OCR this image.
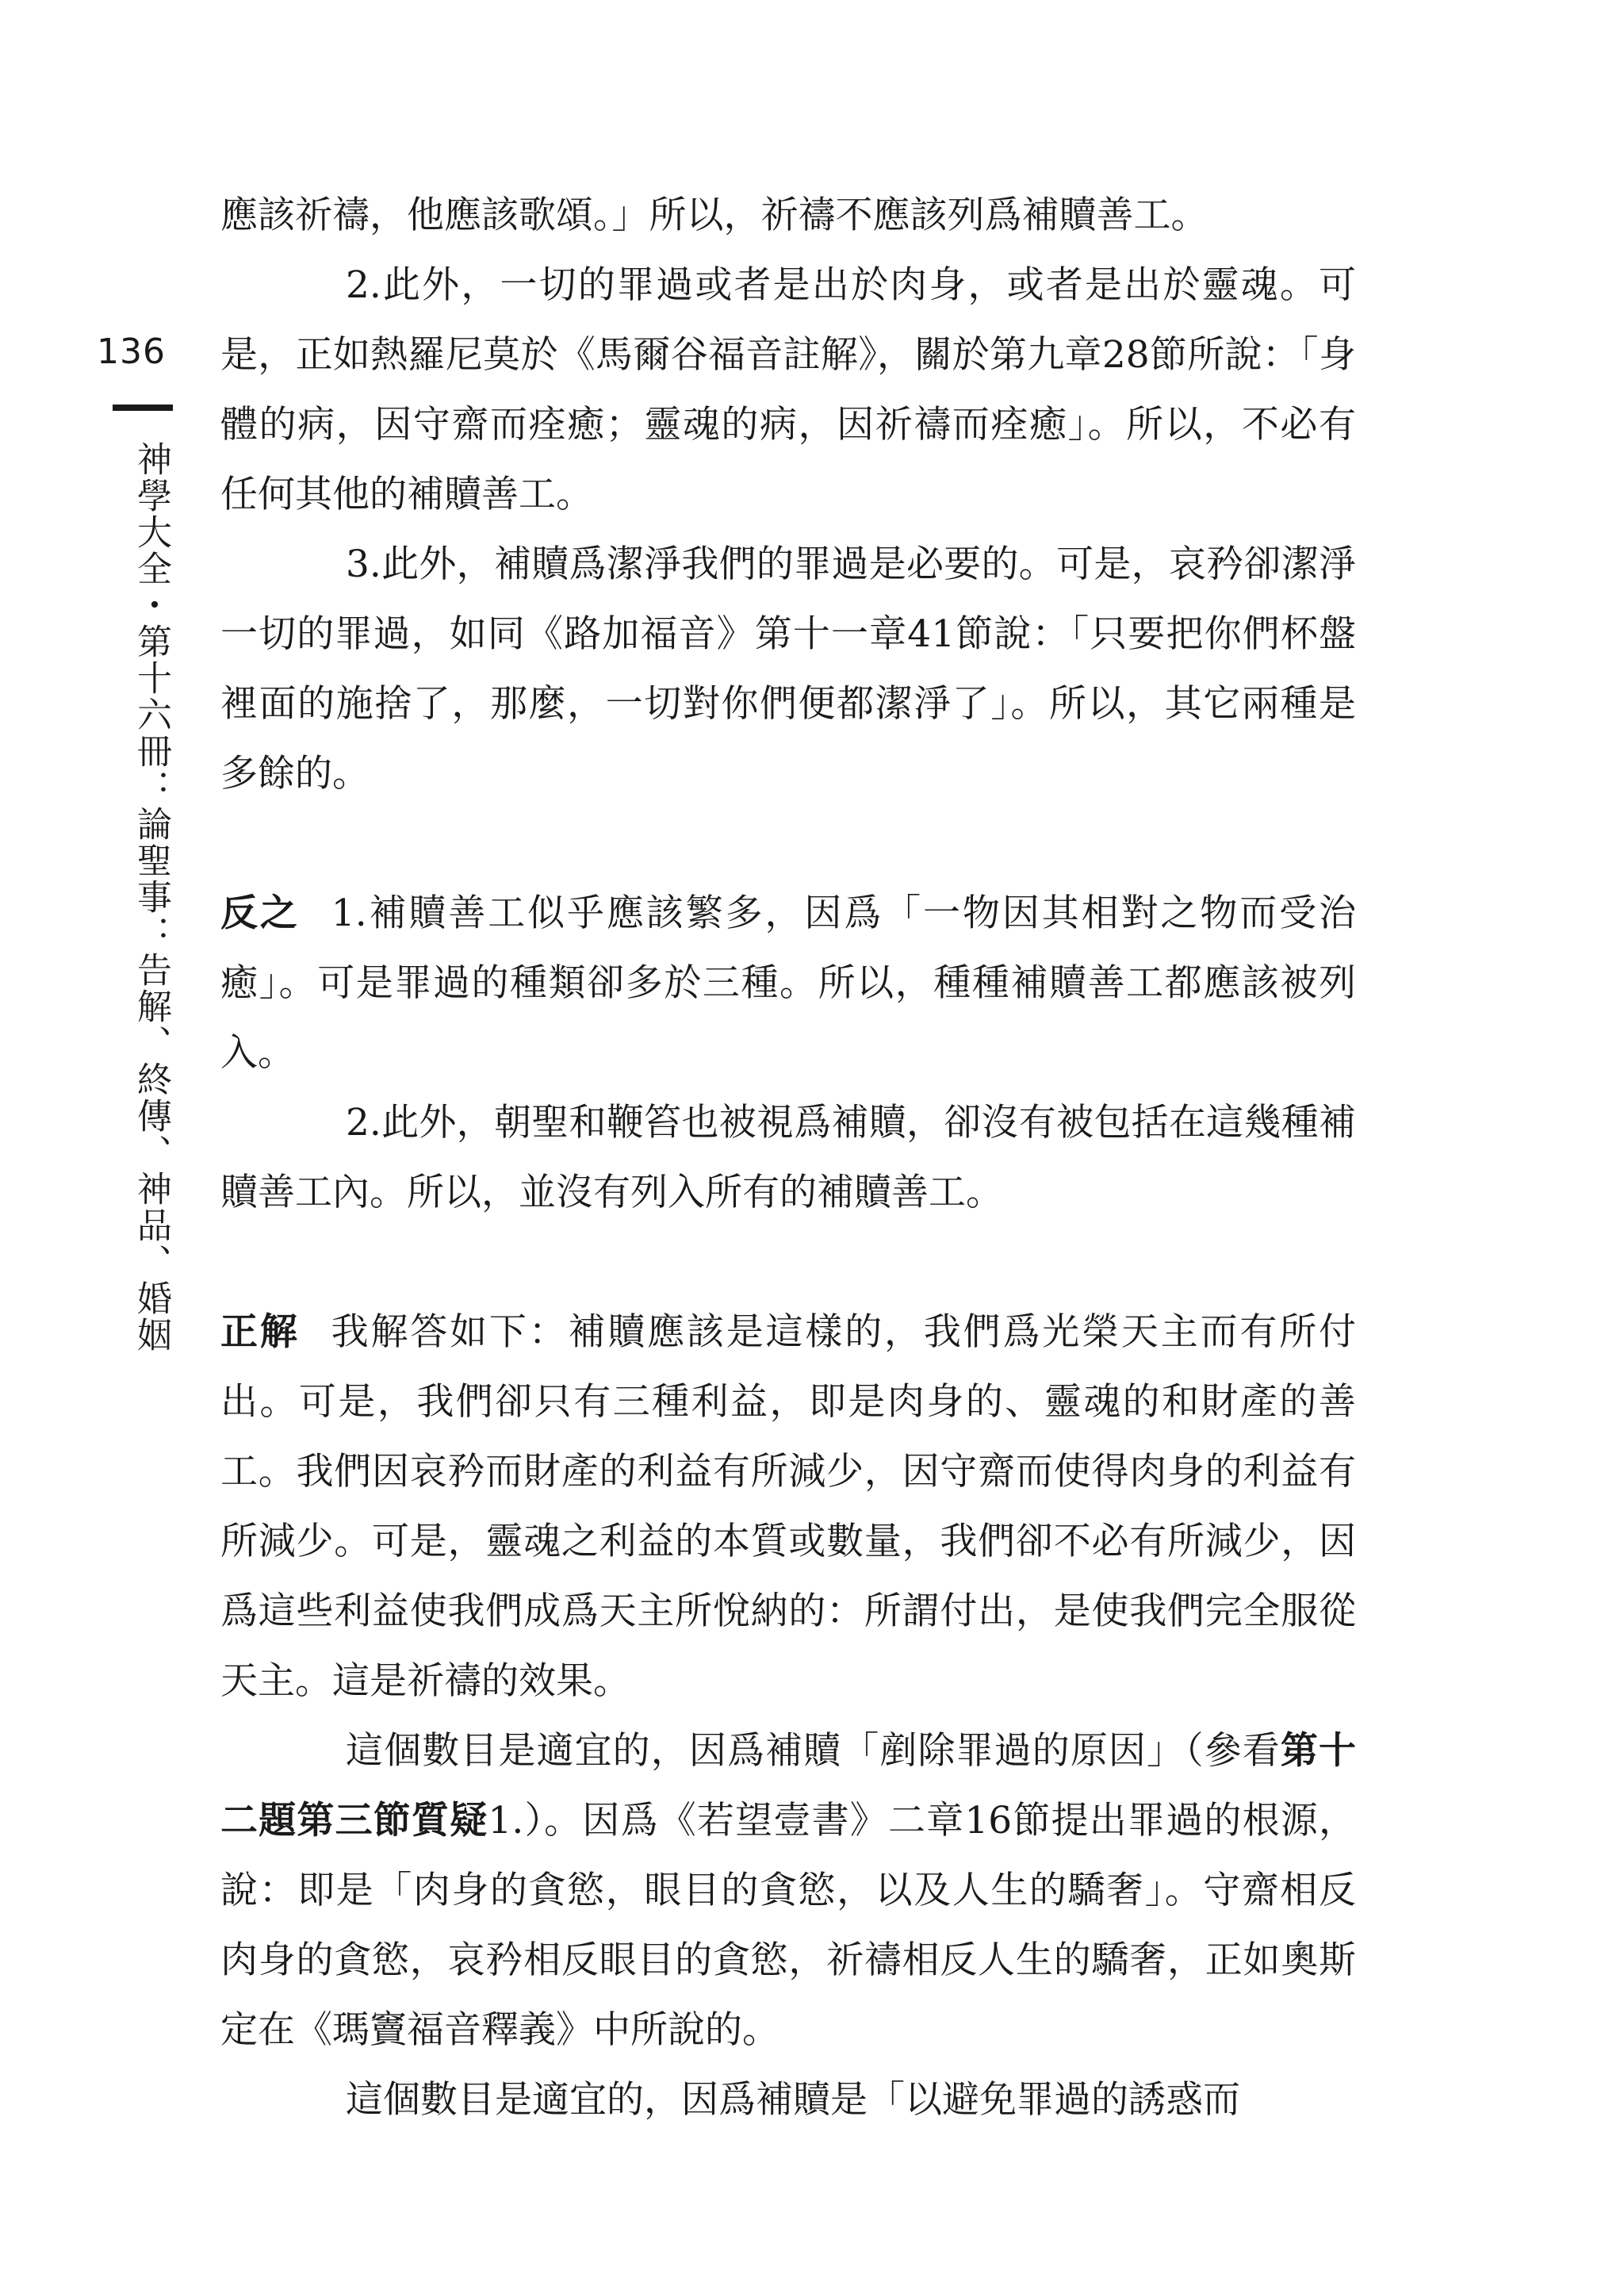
136
神學大全・第十六冊：論聖事：告解、終傳、神品、婚姻

應該祈禱，他應該歌頌。」所以，祈禱不應該列爲補贖善工。

2.此外，一切的罪過或者是出於肉身，或者是出於靈魂。可是，正如熱羅尼莫於《馬爾谷福音註解》，關於第九章28節所說：「身體的病，因守齋而痊癒；靈魂的病，因祈禱而痊癒」。所以，不必有任何其他的補贖善工。

3.此外，補贖爲潔淨我們的罪過是必要的。可是，哀矜卻潔淨一切的罪過，如同《路加福音》第十一章41節說：「只要把你們杯盤裡面的施捨了，那麼，一切對你們便都潔淨了」。所以，其它兩種是多餘的。

反之 1.補贖善工似乎應該繁多，因爲「一物因其相對之物而受治癒」。可是罪過的種類卻多於三種。所以，種種補贖善工都應該被列入。

2.此外，朝聖和鞭笞也被視爲補贖，卻沒有被包括在這幾種補贖善工內。所以，並沒有列入所有的補贖善工。

正解 我解答如下：補贖應該是這樣的，我們爲光榮天主而有所付出。可是，我們卻只有三種利益，即是肉身的、靈魂的和財產的善工。我們因哀矜而財產的利益有所減少，因守齋而使得肉身的利益有所減少。可是，靈魂之利益的本質或數量，我們卻不必有所減少，因爲這些利益使我們成爲天主所悅納的：所謂付出，是使我們完全服從天主。這是祈禱的效果。

這個數目是適宜的，因爲補贖「剷除罪過的原因」（參看第十二題第三節質疑1.）。因爲《若望壹書》二章16節提出罪過的根源，說：即是「肉身的貪慾，眼目的貪慾，以及人生的驕奢」。守齋相反肉身的貪慾，哀矜相反眼目的貪慾，祈禱相反人生的驕奢，正如奧斯定在《瑪竇福音釋義》中所說的。

這個數目是適宜的，因爲補贖是「以避免罪過的誘惑而
